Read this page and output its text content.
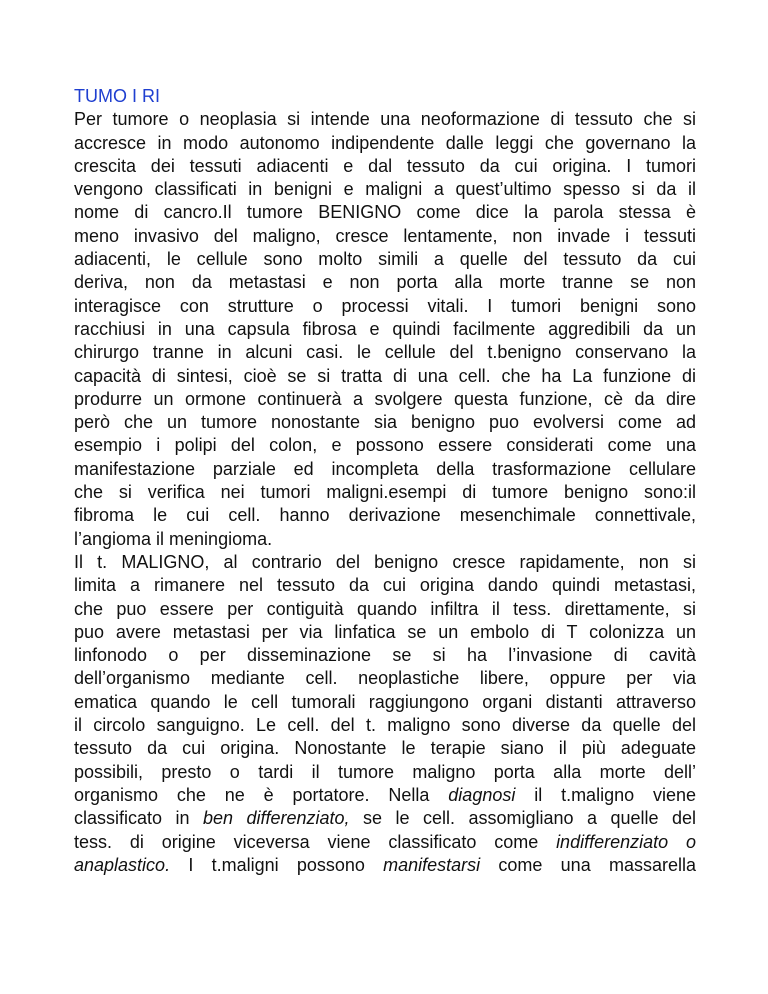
TUMO I RI
Per tumore o neoplasia si intende una neoformazione di tessuto che si
accresce in modo autonomo indipendente dalle leggi che governano la
crescita dei tessuti adiacenti e dal tessuto da cui origina. I tumori
vengono classificati in benigni e maligni a quest’ultimo spesso si da il
nome di cancro.Il tumore BENIGNO come dice la parola stessa è
meno invasivo del maligno, cresce lentamente, non invade i tessuti
adiacenti, le cellule sono molto simili a quelle del tessuto da cui
deriva, non da metastasi e non porta alla morte tranne se non
interagisce con strutture o processi vitali. I tumori benigni sono
racchiusi in una capsula fibrosa e quindi facilmente aggredibili da un
chirurgo tranne in alcuni casi. le cellule del t.benigno conservano la
capacità di sintesi, cioè se si tratta di una cell. che ha La funzione di
produrre un ormone continuerà a svolgere questa funzione, cè da dire
però che un tumore nonostante sia benigno puo evolversi come ad
esempio i polipi del colon, e possono essere considerati come una
manifestazione parziale ed incompleta della trasformazione cellulare
che si verifica nei tumori maligni.esempi di tumore benigno sono:il
fibroma le cui cell. hanno derivazione mesenchimale connettivale,
l’angioma il meningioma.
Il t. MALIGNO, al contrario del benigno cresce rapidamente, non si
limita a rimanere nel tessuto da cui origina dando quindi metastasi,
che puo essere per contiguità quando infiltra il tess. direttamente, si
puo avere metastasi per via linfatica se un embolo di T colonizza un
linfonodo o per disseminazione se si ha l’invasione di cavità
dell’organismo mediante cell. neoplastiche libere, oppure per via
ematica quando le cell tumorali raggiungono organi distanti attraverso
il circolo sanguigno. Le cell. del t. maligno sono diverse da quelle del
tessuto da cui origina. Nonostante le terapie siano il più adeguate
possibili, presto o tardi il tumore maligno porta alla morte dell’
organismo che ne è portatore. Nella diagnosi il t.maligno viene
classificato in ben differenziato, se le cell. assomigliano a quelle del
tess. di origine viceversa viene classificato come indifferenziato o
anaplastico. I t.maligni possono manifestarsi come una massarella
